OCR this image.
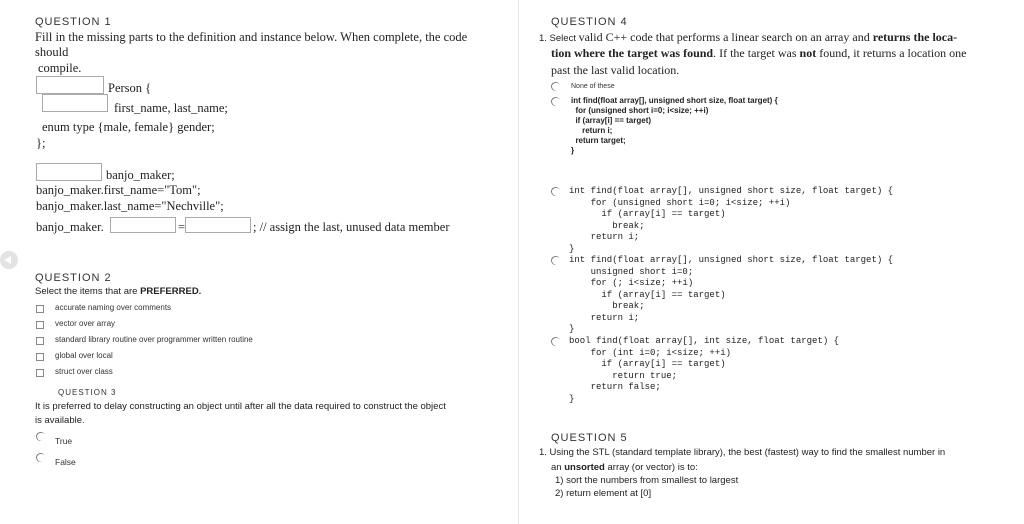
QUESTION 1
Fill in the missing parts to the definition and instance below. When complete, the code
should
compile.
Person {
first_name, last_name;
enum type {male, female} gender;
};
banjo_maker;
banjo_maker.first_name="Tom";
banjo_maker.last_name="Nechville";
banjo_maker.	=	; // assign the last, unused data member
QUESTION 2
Select the items that are PREFERRED.
accurate naming over comments
vector over array
standard library routine over programmer written routine
global over local
struct over class
QUESTION 3
It is preferred to delay constructing an object until after all the data required to construct the object
is available.
True
False
QUESTION 4
1. Select valid C++ code that performs a linear search on an array and returns the loca-
tion where the target was found. If the target was not found, it returns a location one
past the last valid location.
None of these
int find(float array[], unsigned short size, float target) {
for (unsigned short i=0; i<size; ++i)
if (array[i] == target)
return i;
return target;
}
int find(float array[], unsigned short size, float target) {
for (unsigned short i=0; i<size; ++i)
if (array[i] == target)
break;
return i;
}
int find(float array[], unsigned short size, float target) {
unsigned short i=0;
for (; i<size; ++i)
if (array[i] == target)
break;
return i;
}
bool find(float array[], int size, float target) {
for (int i=0; i<size; ++i)
if (array[i] == target)
return true;
return false;
}
QUESTION 5
1. Using the STL (standard template library), the best (fastest) way to find the smallest number in
an unsorted array (or vector) is to:
1) sort the numbers from smallest to largest
2) return element at [0]
